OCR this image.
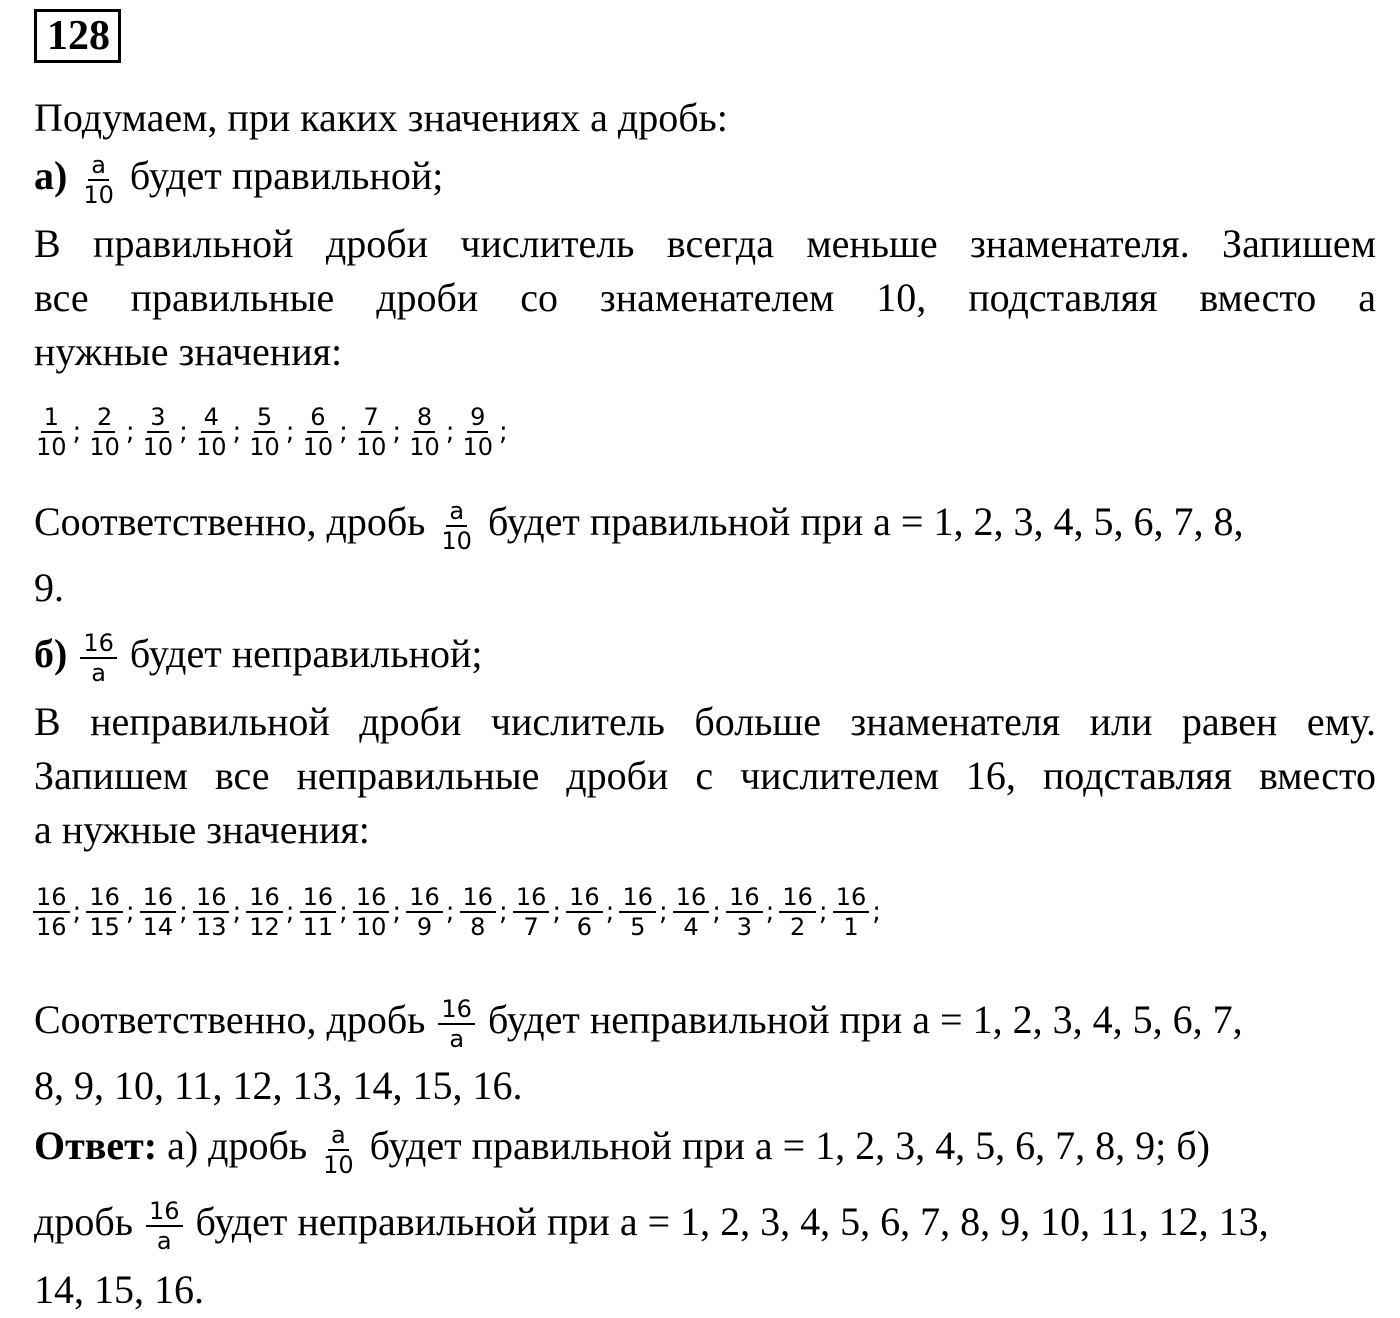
128
Подумаем, при каких значениях а дробь:
$а) \frac{a}{10}$ будет правильной;
В правильной дроби числитель всегда меньше знаменателя. Запишем
все правильные дроби со знаменателем 10, подставляя вместо а
нужные значения:
$\frac{1}{10}$ ; $\frac{2}{10}$ ; $\frac{3}{10}$ ; $\frac{4}{10}$ ; $\frac{5}{10}$ ; $\frac{6}{10}$ ; $\frac{7}{10}$ ; $\frac{8}{10}$ ; $\frac{9}{10}$ ;
Соответственно, дробь $\frac{a}{10}$ будет правильной при а = 1, 2, 3, 4, 5, 6, 7, 8,
9.
$б) \frac{16}{a}$ будет неправильной;
В неправильной дроби числитель больше знаменателя или равен ему.
Запишем все неправильные дроби с числителем 16, подставляя вместо
а нужные значения:
$\frac{16}{16}$ ; $\frac{16}{15}$ ; $\frac{16}{14}$ ; $\frac{16}{13}$ ; $\frac{16}{12}$ ; $\frac{16}{11}$ ; $\frac{16}{10}$ ; $\frac{16}{9}$ ; $\frac{16}{8}$ ; $\frac{16}{7}$ ; $\frac{16}{6}$ ; $\frac{16}{5}$ ; $\frac{16}{4}$ ; $\frac{16}{3}$ ; $\frac{16}{2}$ ; $\frac{16}{1}$ ;
Соответственно, дробь $\frac{16}{a}$ будет неправильной при а = 1, 2, 3, 4, 5, 6, 7,
8, 9, 10, 11, 12, 13, 14, 15, 16.
Ответ: а) дробь $\frac{a}{10}$ будет правильной при а = 1, 2, 3, 4, 5, 6, 7, 8, 9; б)
дробь $\frac{16}{a}$ будет неправильной при а = 1, 2, 3, 4, 5, 6, 7, 8, 9, 10, 11, 12, 13,
14, 15, 16.
